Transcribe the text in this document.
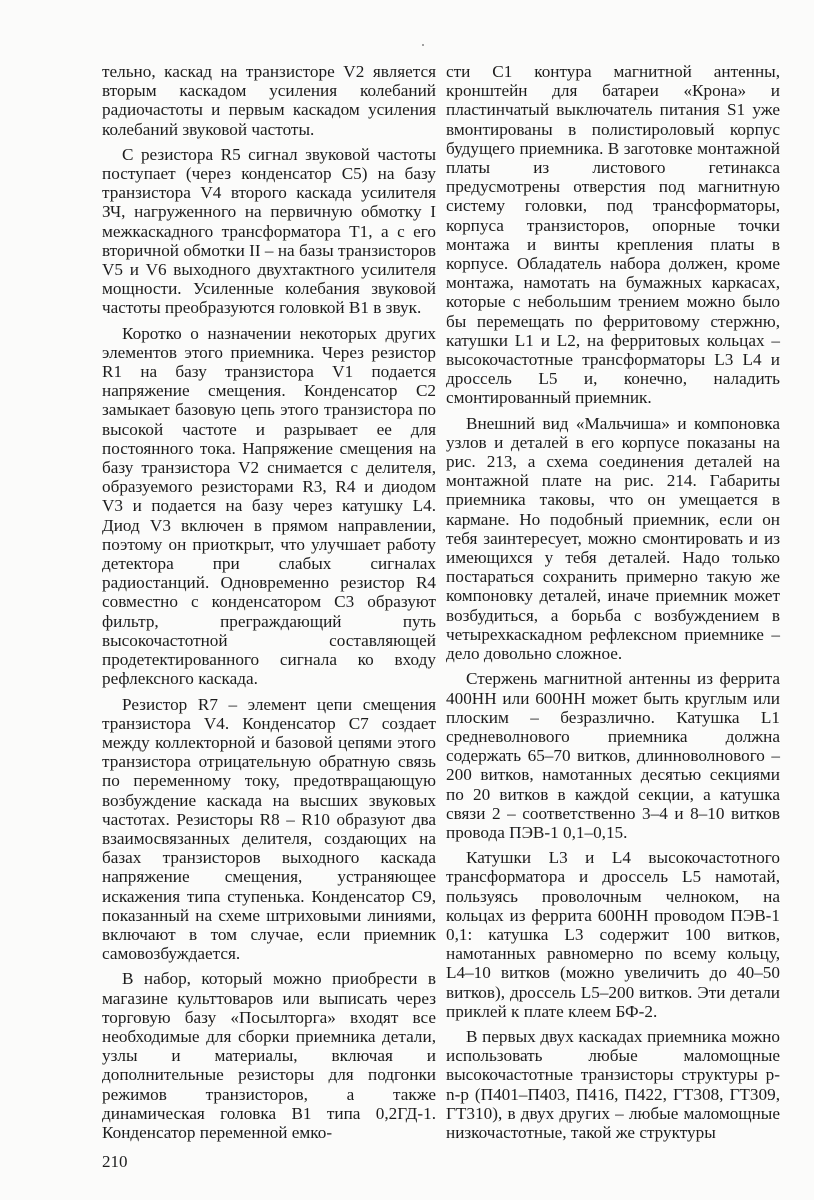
тельно, каскад на транзисторе V2 является вторым каскадом усиления колебаний радиочастоты и первым каскадом усиления колебаний звуковой частоты.

С резистора R5 сигнал звуковой частоты поступает (через конденсатор С5) на базу транзистора V4 второго каскада усилителя ЗЧ, нагруженного на первичную обмотку I межкаскадного трансформатора Т1, а с его вторичной обмотки II – на базы транзисторов V5 и V6 выходного двухтактного усилителя мощности. Усиленные колебания звуковой частоты преобразуются головкой В1 в звук.

Коротко о назначении некоторых других элементов этого приемника. Через резистор R1 на базу транзистора V1 подается напряжение смещения. Конденсатор С2 замыкает базовую цепь этого транзистора по высокой частоте и разрывает ее для постоянного тока. Напряжение смещения на базу транзистора V2 снимается с делителя, образуемого резисторами R3, R4 и диодом V3 и подается на базу через катушку L4. Диод V3 включен в прямом направлении, поэтому он приоткрыт, что улучшает работу детектора при слабых сигналах радиостанций. Одновременно резистор R4 совместно с конденсатором С3 образуют фильтр, преграждающий путь высокочастотной составляющей продетектированного сигнала ко входу рефлексного каскада.

Резистор R7 – элемент цепи смещения транзистора V4. Конденсатор С7 создает между коллекторной и базовой цепями этого транзистора отрицательную обратную связь по переменному току, предотвращающую возбуждение каскада на высших звуковых частотах. Резисторы R8 – R10 образуют два взаимосвязанных делителя, создающих на базах транзисторов выходного каскада напряжение смещения, устраняющее искажения типа ступенька. Конденсатор С9, показанный на схеме штриховыми линиями, включают в том случае, если приемник самовозбуждается.

В набор, который можно приобрести в магазине культтоваров или выписать через торговую базу «Посылторга» входят все необходимые для сборки приемника детали, узлы и материалы, включая и дополнительные резисторы для подгонки режимов транзисторов, а также динамическая головка В1 типа 0,2ГД-1. Конденсатор переменной емко-

сти С1 контура магнитной антенны, кронштейн для батареи «Крона» и пластинчатый выключатель питания S1 уже вмонтированы в полистироловый корпус будущего приемника. В заготовке монтажной платы из листового гетинакса предусмотрены отверстия под магнитную систему головки, под трансформаторы, корпуса транзисторов, опорные точки монтажа и винты крепления платы в корпусе. Обладатель набора должен, кроме монтажа, намотать на бумажных каркасах, которые с небольшим трением можно было бы перемещать по ферритовому стержню, катушки L1 и L2, на ферритовых кольцах – высокочастотные трансформаторы L3 L4 и дроссель L5 и, конечно, наладить смонтированный приемник.

Внешний вид «Мальчиша» и компоновка узлов и деталей в его корпусе показаны на рис. 213, а схема соединения деталей на монтажной плате на рис. 214. Габариты приемника таковы, что он умещается в кармане. Но подобный приемник, если он тебя заинтересует, можно смонтировать и из имеющихся у тебя деталей. Надо только постараться сохранить примерно такую же компоновку деталей, иначе приемник может возбудиться, а борьба с возбуждением в четырехкаскадном рефлексном приемнике – дело довольно сложное.

Стержень магнитной антенны из феррита 400НН или 600НН может быть круглым или плоским – безразлично. Катушка L1 средневолнового приемника должна содержать 65–70 витков, длинноволнового – 200 витков, намотанных десятью секциями по 20 витков в каждой секции, а катушка связи 2 – соответственно 3–4 и 8–10 витков провода ПЭВ-1 0,1–0,15.

Катушки L3 и L4 высокочастотного трансформатора и дроссель L5 намотай, пользуясь проволочным челноком, на кольцах из феррита 600НН проводом ПЭВ-1 0,1: катушка L3 содержит 100 витков, намотанных равномерно по всему кольцу, L4–10 витков (можно увеличить до 40–50 витков), дроссель L5–200 витков. Эти детали приклей к плате клеем БФ-2.

В первых двух каскадах приемника можно использовать любые маломощные высокочастотные транзисторы структуры p-n-p (П401–П403, П416, П422, ГТ308, ГТ309, ГТ310), в двух других – любые маломощные низкочастотные, такой же структуры

210
